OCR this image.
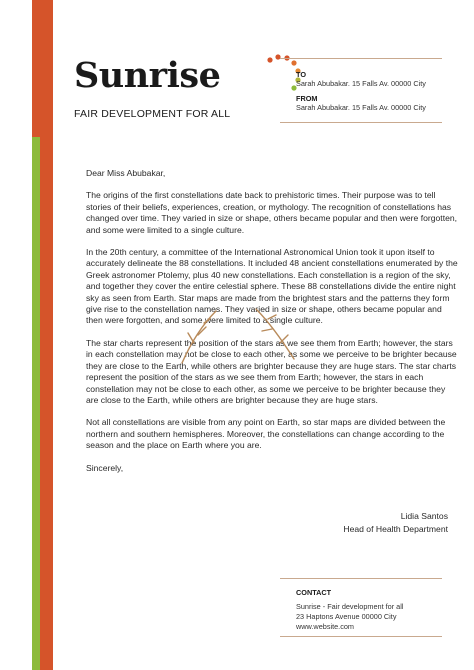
Sunrise
FAIR DEVELOPMENT FOR ALL
TO
Sarah Abubakar. 15 Falls Av. 00000 City
FROM
Sarah Abubakar. 15 Falls Av. 00000 City

Dear Miss Abubakar,

The origins of the first constellations date back to prehistoric times. Their purpose was to tell stories of their beliefs, experiences, creation, or mythology. The recognition of constellations has changed over time. They varied in size or shape, others became popular and then were forgotten, and some were limited to a single culture.

In the 20th century, a committee of the International Astronomical Union took it upon itself to accurately delineate the 88 constellations. It included 48 ancient constellations enumerated by the Greek astronomer Ptolemy, plus 40 new constellations. Each constellation is a region of the sky, and together they cover the entire celestial sphere. These 88 constellations divide the entire night sky as seen from Earth. Star maps are made from the brightest stars and the patterns they form give rise to the constellation names. They varied in size or shape, others became popular and then were forgotten, and some were limited to a single culture.

The star charts represent the position of the stars as we see them from Earth; however, the stars in each constellation may not be close to each other, as some we perceive to be brighter because they are close to the Earth, while others are brighter because they are huge stars. The star charts represent the position of the stars as we see them from Earth; however, the stars in each constellation may not be close to each other, as some we perceive to be brighter because they are close to the Earth, while others are brighter because they are huge stars.

Not all constellations are visible from any point on Earth, so star maps are divided between the northern and southern hemispheres. Moreover, the constellations can change according to the season and the place on Earth where you are.

Sincerely,

Lidia Santos
Head of Health Department
CONTACT
Sunrise - Fair development for all
23 Haptons Avenue 00000 City
www.website.com
